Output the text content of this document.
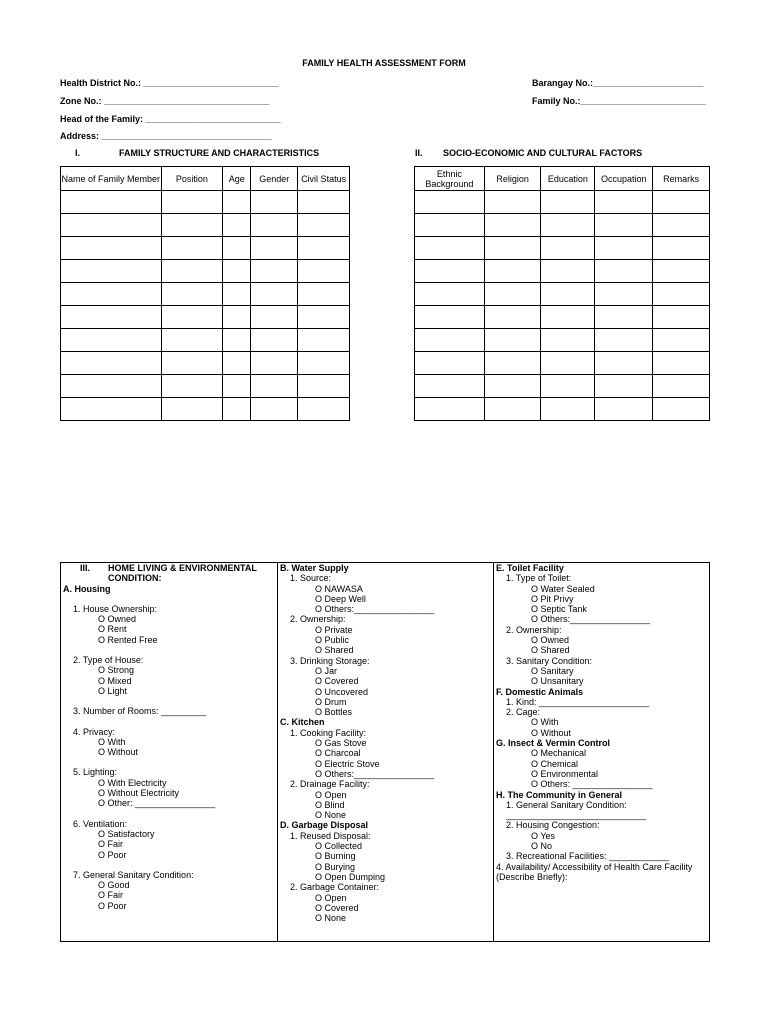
FAMILY HEALTH ASSESSMENT FORM
Health District No.: ___________________________
Zone No.: _________________________________
Head of the Family: ___________________________
Address: __________________________________
Barangay No.:______________________
Family No.:_________________________
I.	FAMILY STRUCTURE AND CHARACTERISTICS	II. SOCIO-ECONOMIC AND CULTURAL FACTORS
Name of Family Member	Position	Age	Gender	Civil Status

					Ethnic Background	Religion	Education	Occupation	Remarks

III. HOME LIVING & ENVIRONMENTAL
CONDITION:
A. Housing
1. House Ownership:
O Owned
O Rent
O Rented Free
2. Type of House:
O Strong
O Mixed
O Light
3. Number of Rooms: _________
4. Privacy:
O With
O Without
5. Lighting:
O With Electricity
O Without Electricity
O Other: ________________
6. Ventilation:
O Satisfactory
O Fair
O Poor
7. General Sanitary Condition:
O Good
O Fair
O Poor
B. Water Supply
1. Source:
O NAWASA
O Deep Well
O Others:________________
2. Ownership:
O Private
O Public
O Shared
3. Drinking Storage:
O Jar
O Covered
O Uncovered
O Drum
O Bottles
C. Kitchen
1. Cooking Facility:
O Gas Stove
O Charcoal
O Electric Stove
O Others:________________
2. Drainage Facility:
O Open
O Blind
O None
D. Garbage Disposal
1. Reused Disposal:
O Collected
O Burning
O Burying
O Open Dumping
2. Garbage Container:
O Open
O Covered
O None
E. Toilet Facility
1. Type of Toilet:
O Water Sealed
O Pit Privy
O Septic Tank
O Others:________________
2. Ownership:
O Owned
O Shared
3. Sanitary Condition:
O Sanitary
O Unsanitary
F. Domestic Animals
1. Kind: ______________________
2. Cage:
O With
O Without
G. Insect & Vermin Control
O Mechanical
O Chemical
O Environmental
O Others: ________________
H. The Community in General
1. General Sanitary Condition:
____________________________
2. Housing Congestion:
O Yes
O No
3. Recreational Facilities: ____________
4. Availability/ Accessibility of Health Care Facility
(Describe Briefly):
